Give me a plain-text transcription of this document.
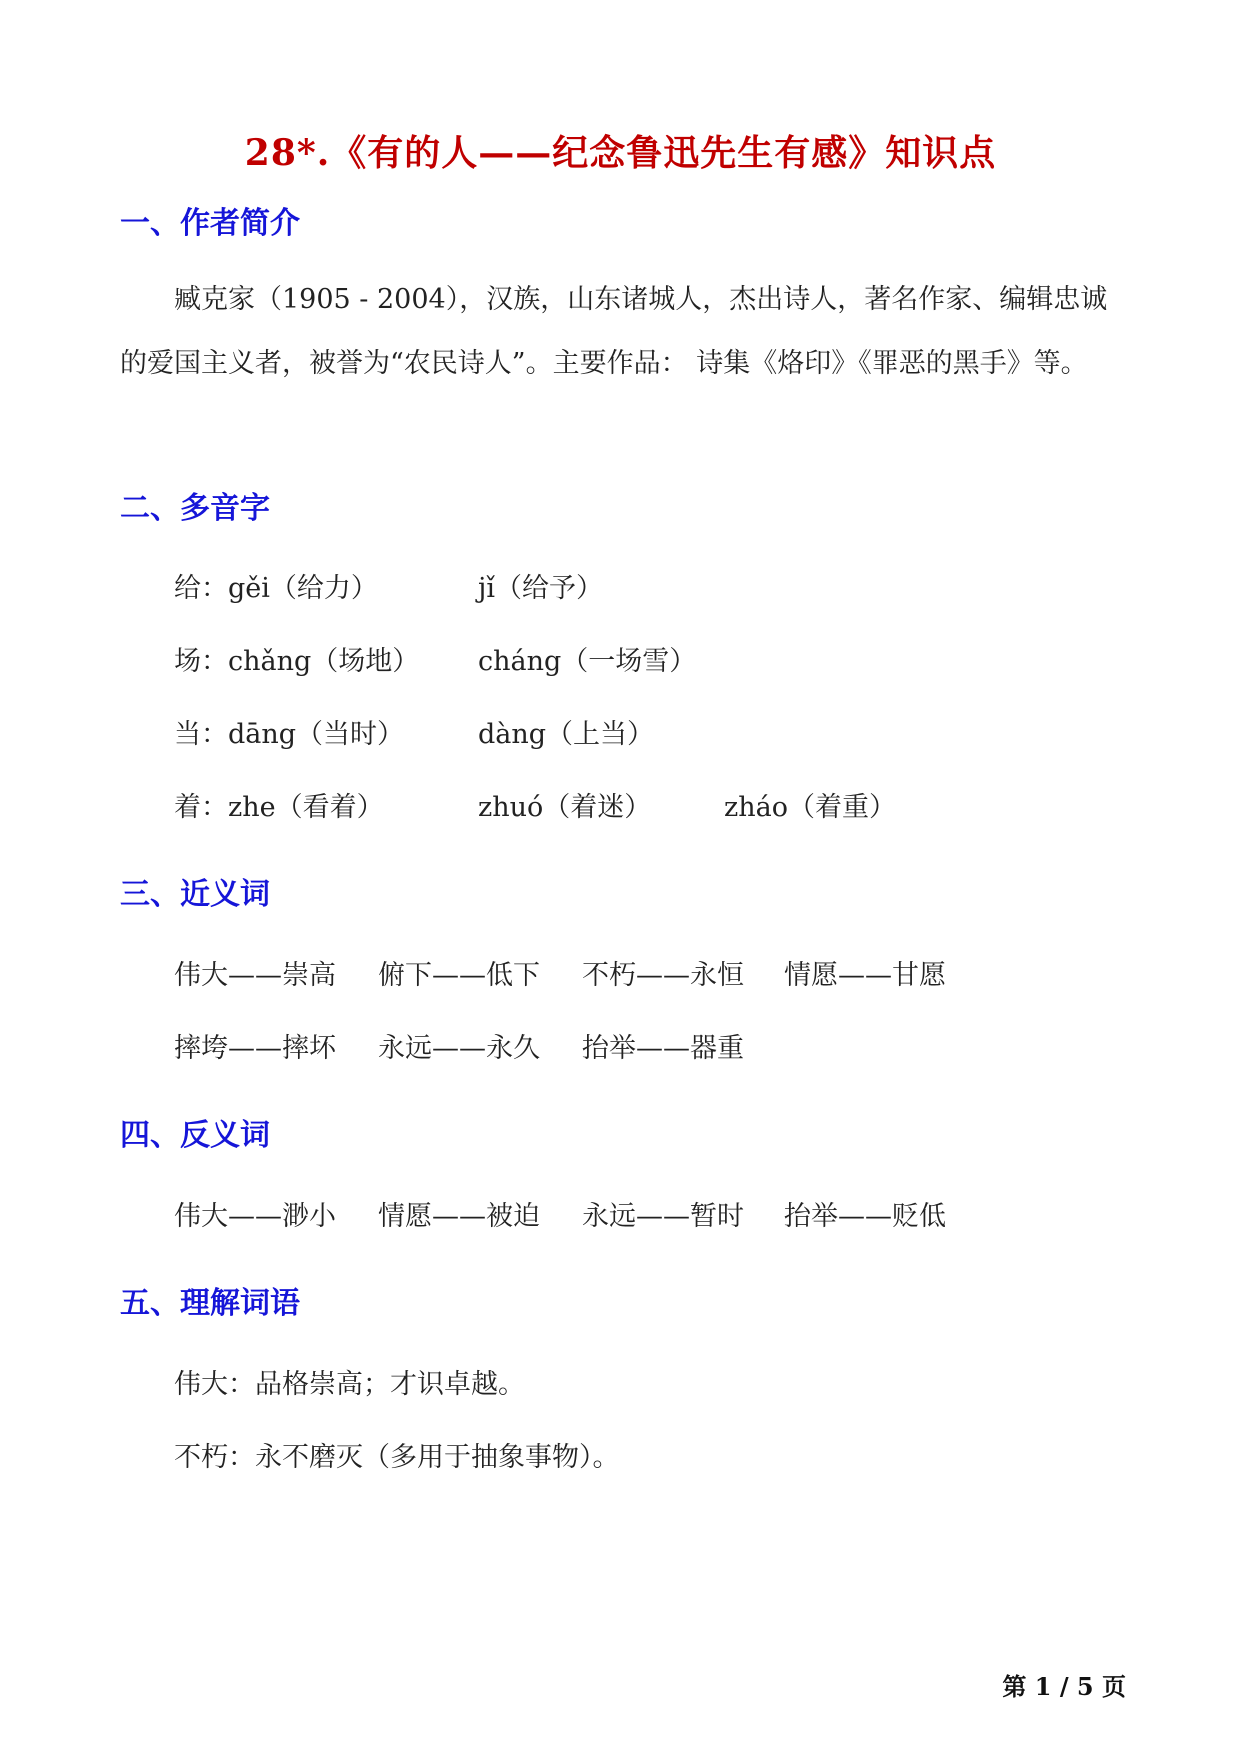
28*.《有的人——纪念鲁迅先生有感》知识点
一、作者简介

臧克家（1905 - 2004），汉族，山东诸城人，杰出诗人，著名作家、编辑忠诚的爱国主义者，被誉为“农民诗人”。主要作品： 诗集《烙印》《罪恶的黑手》等。

二、多音字
给：gěi（给力）	jǐ（给予）
场：chǎng（场地） cháng（一场雪）
当：dāng（当时）	dàng（上当）
着：zhe（看着）	zhuó（着迷）	zháo（着重）
三、近义词
伟大——崇高 俯下——低下 不朽——永恒 情愿——甘愿
摔垮——摔坏 永远——永久 抬举——器重
四、反义词
伟大——渺小 情愿——被迫 永远——暂时 抬举——贬低
五、理解词语
伟大：品格崇高；才识卓越。
不朽：永不磨灭（多用于抽象事物）。
第 1 / 5 页
